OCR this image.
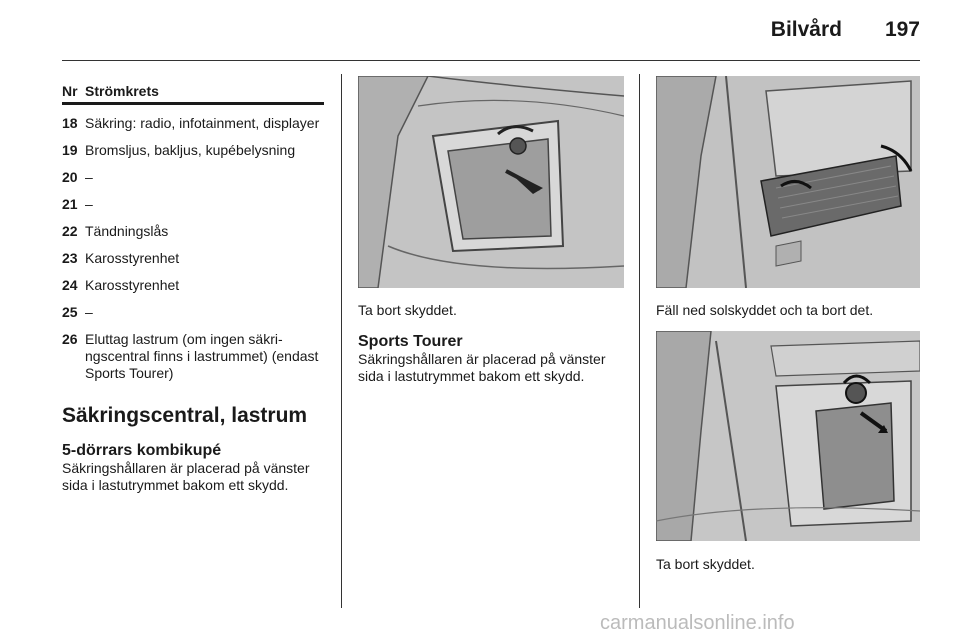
Bilvård 197
Nr Strömkrets
18 Säkring: radio, infotainment, displayer
19 Bromsljus, bakljus, kupébelysning
20 –
21 –
22 Tändningslås
23 Karosstyrenhet
24 Karosstyrenhet
25 –
26 Eluttag lastrum (om ingen säkri-ngscentral finns i lastrummet) (endast Sports Tourer)
Säkringscentral, lastrum
5-dörrars kombikupé
Säkringshållaren är placerad på vänster sida i lastutrymmet bakom ett skydd.
Ta bort skyddet.
Sports Tourer
Säkringshållaren är placerad på vänster sida i lastutrymmet bakom ett skydd.
Fäll ned solskyddet och ta bort det.
Ta bort skyddet.
carmanualsonline.info
